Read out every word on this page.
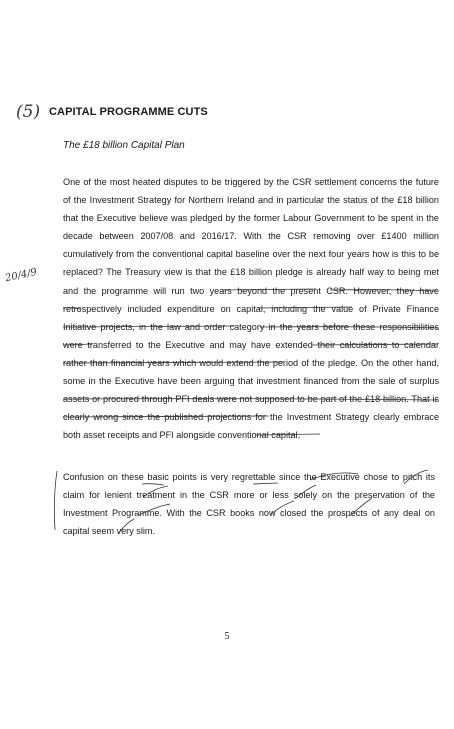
(5) CAPITAL PROGRAMME CUTS
The £18 billion Capital Plan
One of the most heated disputes to be triggered by the CSR settlement concerns the future of the Investment Strategy for Northern Ireland and in particular the status of the £18 billion that the Executive believe was pledged by the former Labour Government to be spent in the decade between 2007/08 and 2016/17. With the CSR removing over £1400 million cumulatively from the conventional capital baseline over the next four years how is this to be replaced? The Treasury view is that the £18 billion pledge is already half way to being met and the programme will run two years beyond the present CSR. However, they have retrospectively included expenditure on capital, including the value of Private Finance Initiative projects, in the law and order category in the years before these responsibilities were transferred to the Executive and may have extended their calculations to calendar rather than financial years which would extend the period of the pledge. On the other hand, some in the Executive have been arguing that investment financed from the sale of surplus assets or procured through PFI deals were not supposed to be part of the £18 billion. That is clearly wrong since the published projections for the Investment Strategy clearly embrace both asset receipts and PFI alongside conventional capital.
Confusion on these basic points is very regrettable since the Executive chose to pitch its claim for lenient treatment in the CSR more or less solely on the preservation of the Investment Programme. With the CSR books now closed the prospects of any deal on capital seem very slim.
20/4/9
5
